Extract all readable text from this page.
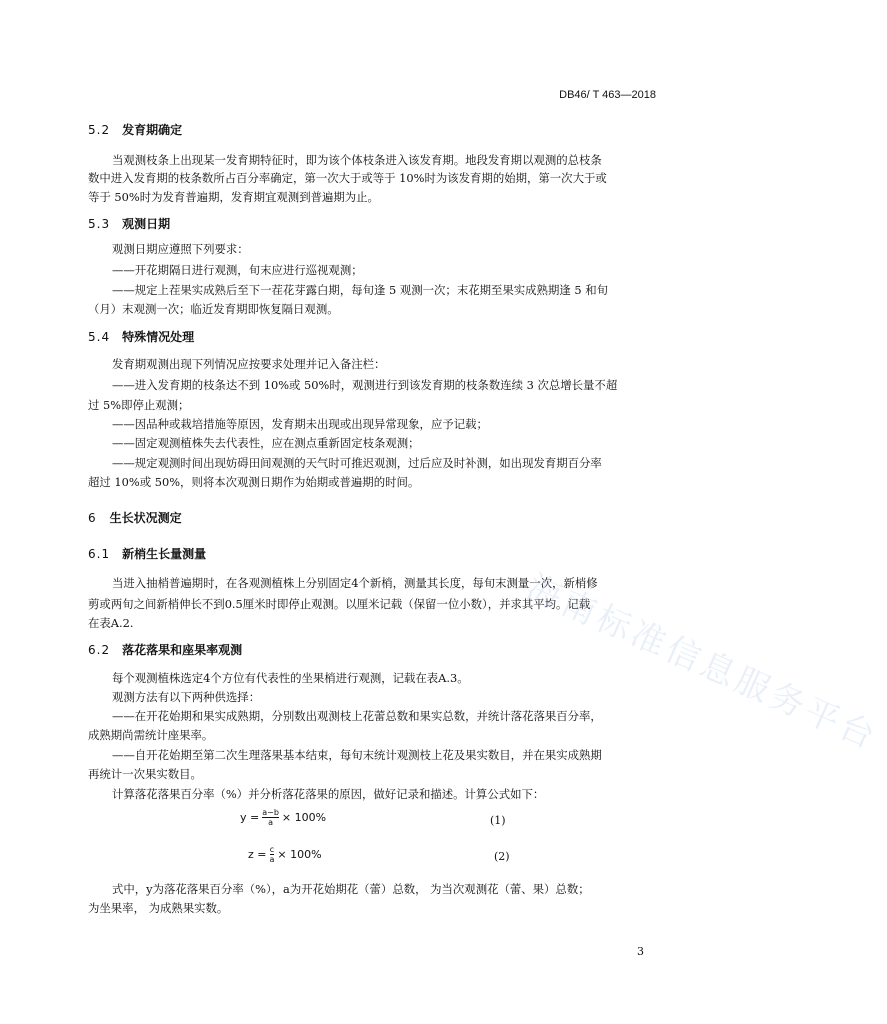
DB46/ T 463—2018
5.2 发育期确定
当观测枝条上出现某一发育期特征时，即为该个体枝条进入该发育期。地段发育期以观测的总枝条
数中进入发育期的枝条数所占百分率确定，第一次大于或等于 10%时为该发育期的始期，第一次大于或
等于 50%时为发育普遍期，发育期宜观测到普遍期为止。
5.3 观测日期
观测日期应遵照下列要求：
——开花期隔日进行观测，旬末应进行巡视观测；
——规定上茬果实成熟后至下一茬花芽露白期，每旬逢 5 观测一次；末花期至果实成熟期逢 5 和旬
（月）末观测一次；临近发育期即恢复隔日观测。
5.4 特殊情况处理
发育期观测出现下列情况应按要求处理并记入备注栏：
——进入发育期的枝条达不到 10%或 50%时，观测进行到该发育期的枝条数连续 3 次总增长量不超
过 5%即停止观测；
——因品种或栽培措施等原因，发育期未出现或出现异常现象，应予记载；
——固定观测植株失去代表性，应在测点重新固定枝条观测；
——规定观测时间出现妨碍田间观测的天气时可推迟观测，过后应及时补测，如出现发育期百分率
超过 10%或 50%，则将本次观测日期作为始期或普遍期的时间。
6 生长状况测定
6.1 新梢生长量测量
当进入抽梢普遍期时，在各观测植株上分别固定4个新梢，测量其长度，每旬末测量一次，新梢修
剪或两旬之间新梢伸长不到0.5厘米时即停止观测。以厘米记载（保留一位小数），并求其平均。记载
在表A.2.
6.2 落花落果和座果率观测
每个观测植株选定4个方位有代表性的坐果梢进行观测，记载在表A.3。
观测方法有以下两种供选择：
——在开花始期和果实成熟期，分别数出观测枝上花蕾总数和果实总数，并统计落花落果百分率，
成熟期尚需统计座果率。
——自开花始期至第二次生理落果基本结束，每旬末统计观测枝上花及果实数目，并在果实成熟期
再统计一次果实数目。
计算落花落果百分率（%）并分析落花落果的原因，做好记录和描述。计算公式如下：
$y = \frac{a-b}{a} \times 100\%$	(1)
$z = \frac{c}{a} \times 100\%$	(2)
式中，y为落花落果百分率（%），a为开花始期花（蕾）总数， 为当次观测花（蕾、果）总数；
为坐果率， 为成熟果实数。
海南标准信息服务平台
3
